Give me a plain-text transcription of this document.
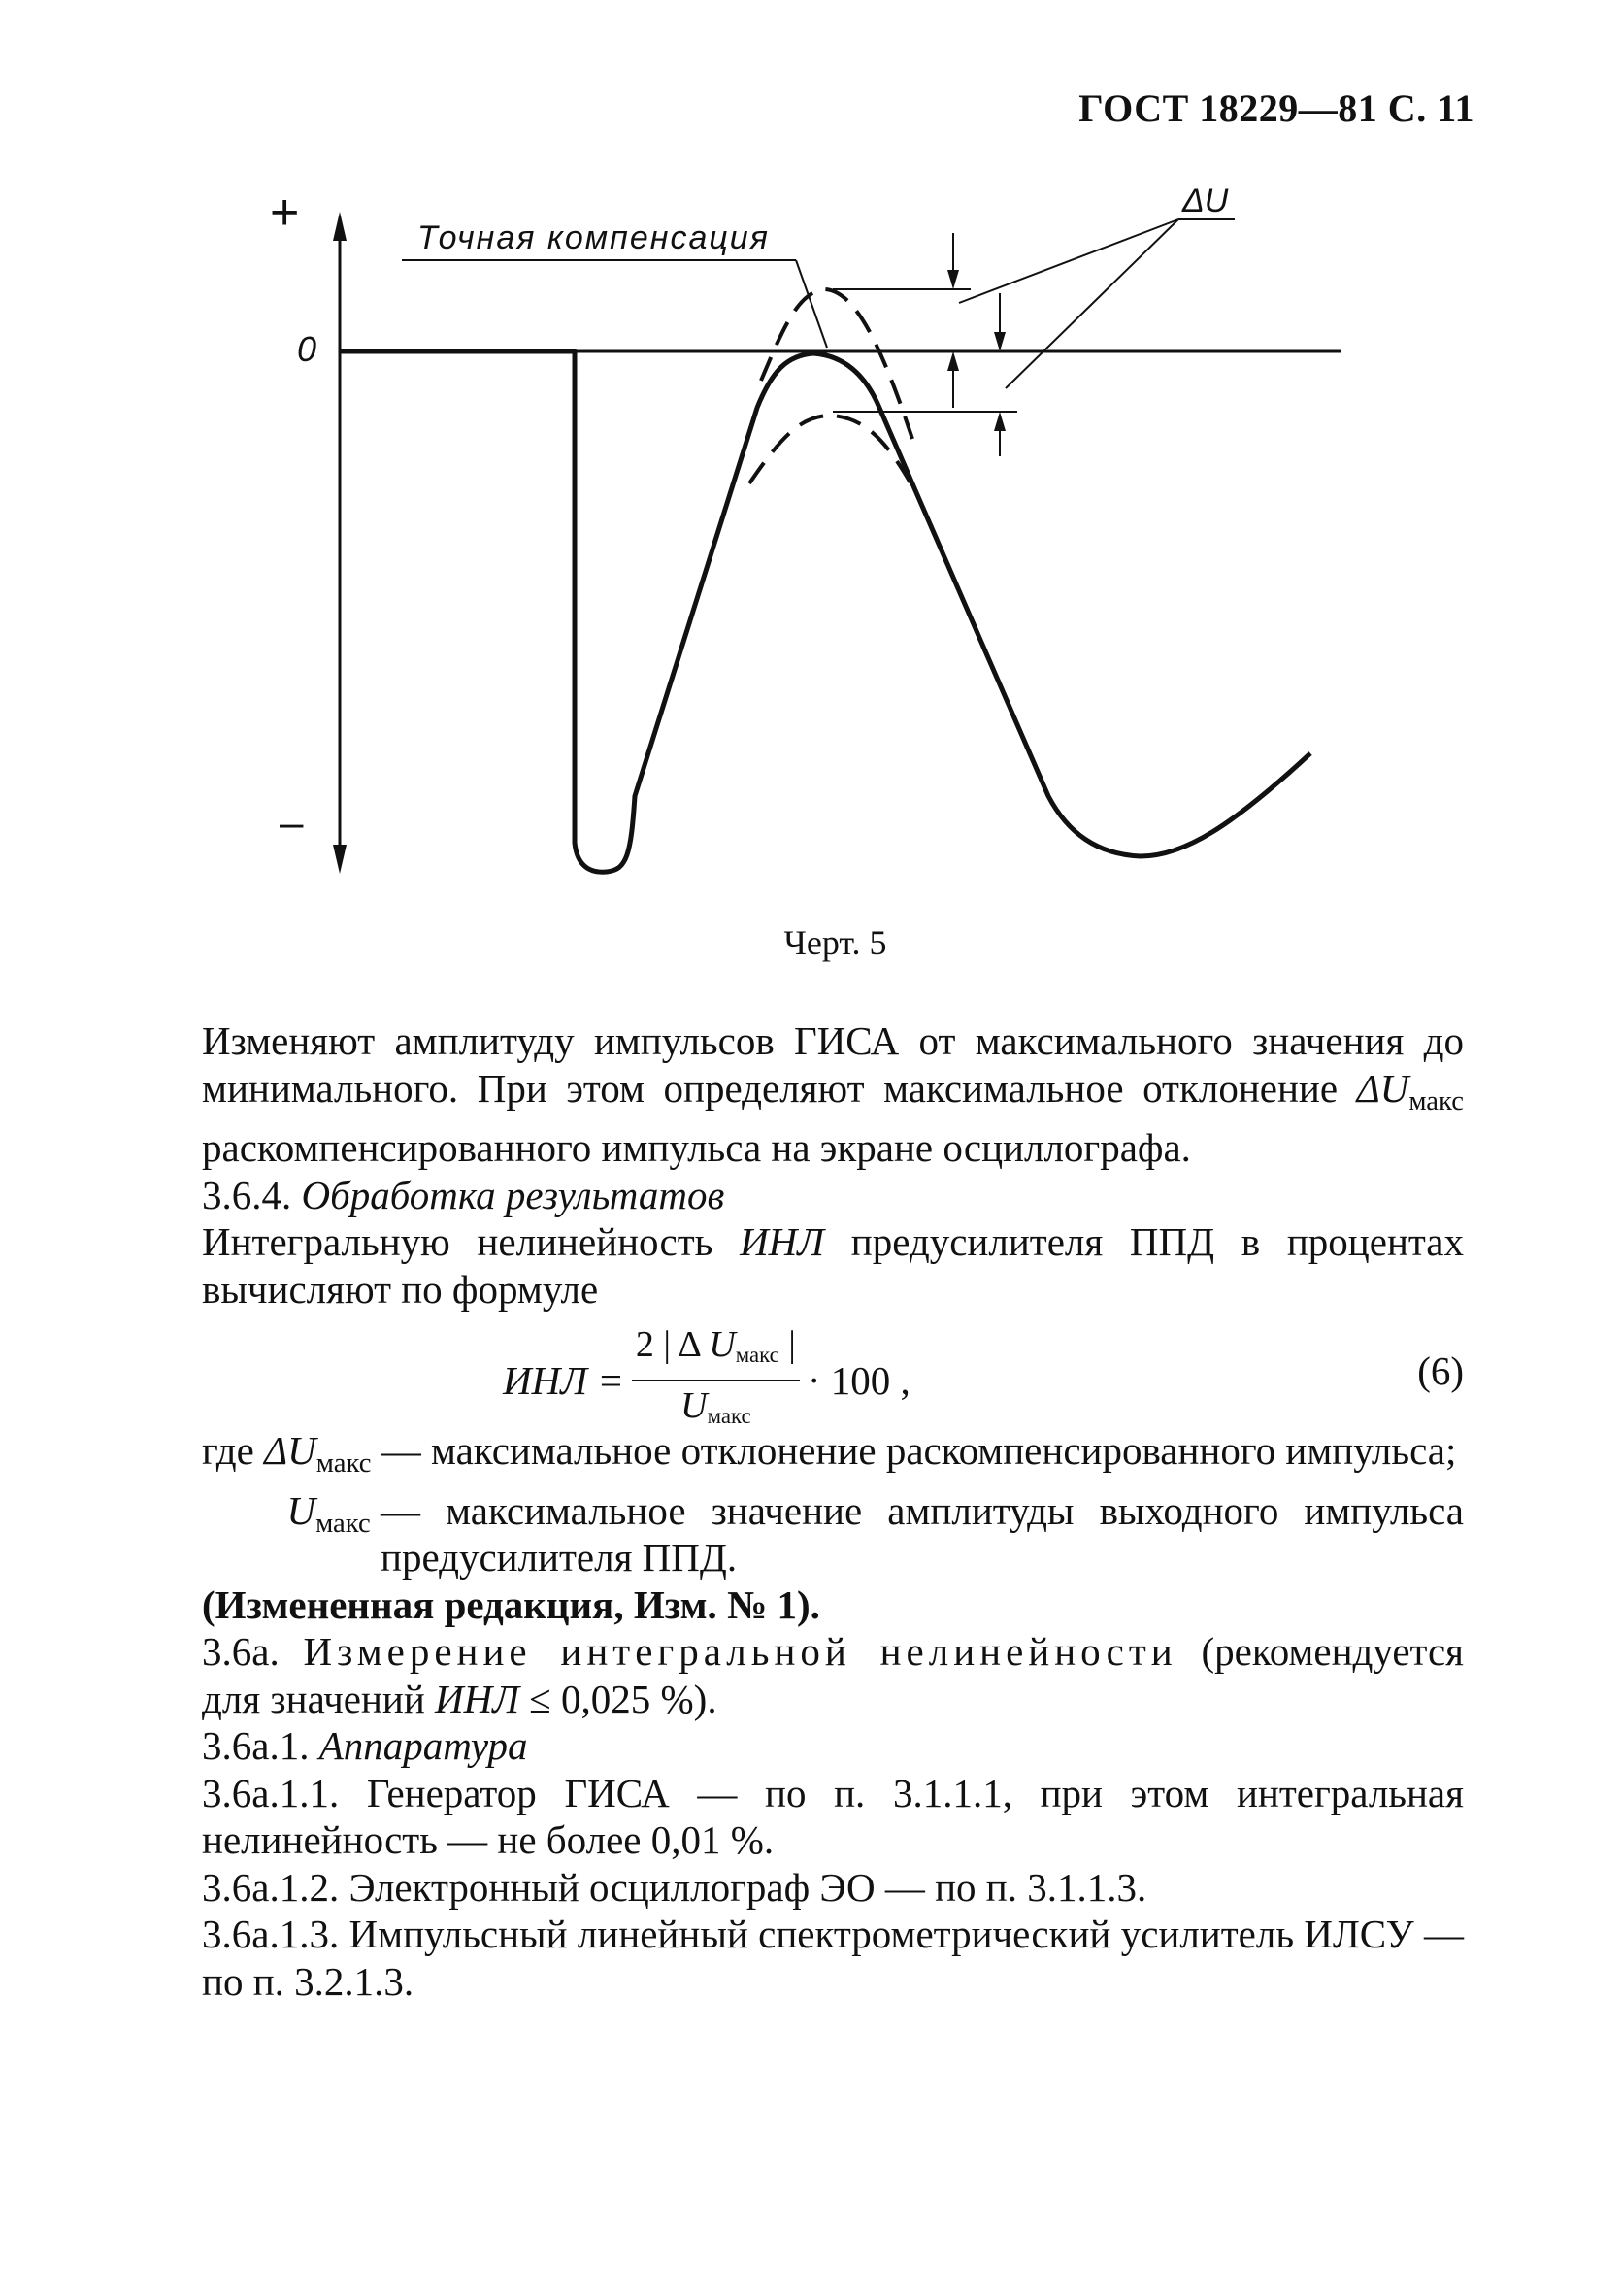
ГОСТ 18229—81 С. 11
+
0
–
ΔU
Точная компенсация
Черт. 5

Изменяют амплитуду импульсов ГИСА от максимального значения до минимального. При этом определяют максимальное отклонение $\Delta U_{макс}$ раскомпенсированного импульса на экране осциллографа.

3.6.4. Обработка результатов

Интегральную нелинейность ИНЛ предусилителя ППД в процентах вычисляют по формуле

ИНЛ = $\frac{2 | \Delta U_{макс} |}{U_{макс}} \cdot 100$ ,	(6)
где $\Delta U_{макс}$ — максимальное отклонение раскомпенсированного импульса;
$U_{макс}$ — максимальное значение амплитуды выходного импульса предусилителя ППД.

(Измененная редакция, Изм. № 1).

3.6а. Измерение интегральной нелинейности (рекомендуется для значений ИНЛ ≤ 0,025 %).

3.6а.1. Аппаратура

3.6а.1.1. Генератор ГИСА — по п. 3.1.1.1, при этом интегральная нелинейность — не более 0,01 %.

3.6а.1.2. Электронный осциллограф ЭО — по п. 3.1.1.3.

3.6а.1.3. Импульсный линейный спектрометрический усилитель ИЛСУ — по п. 3.2.1.3.
